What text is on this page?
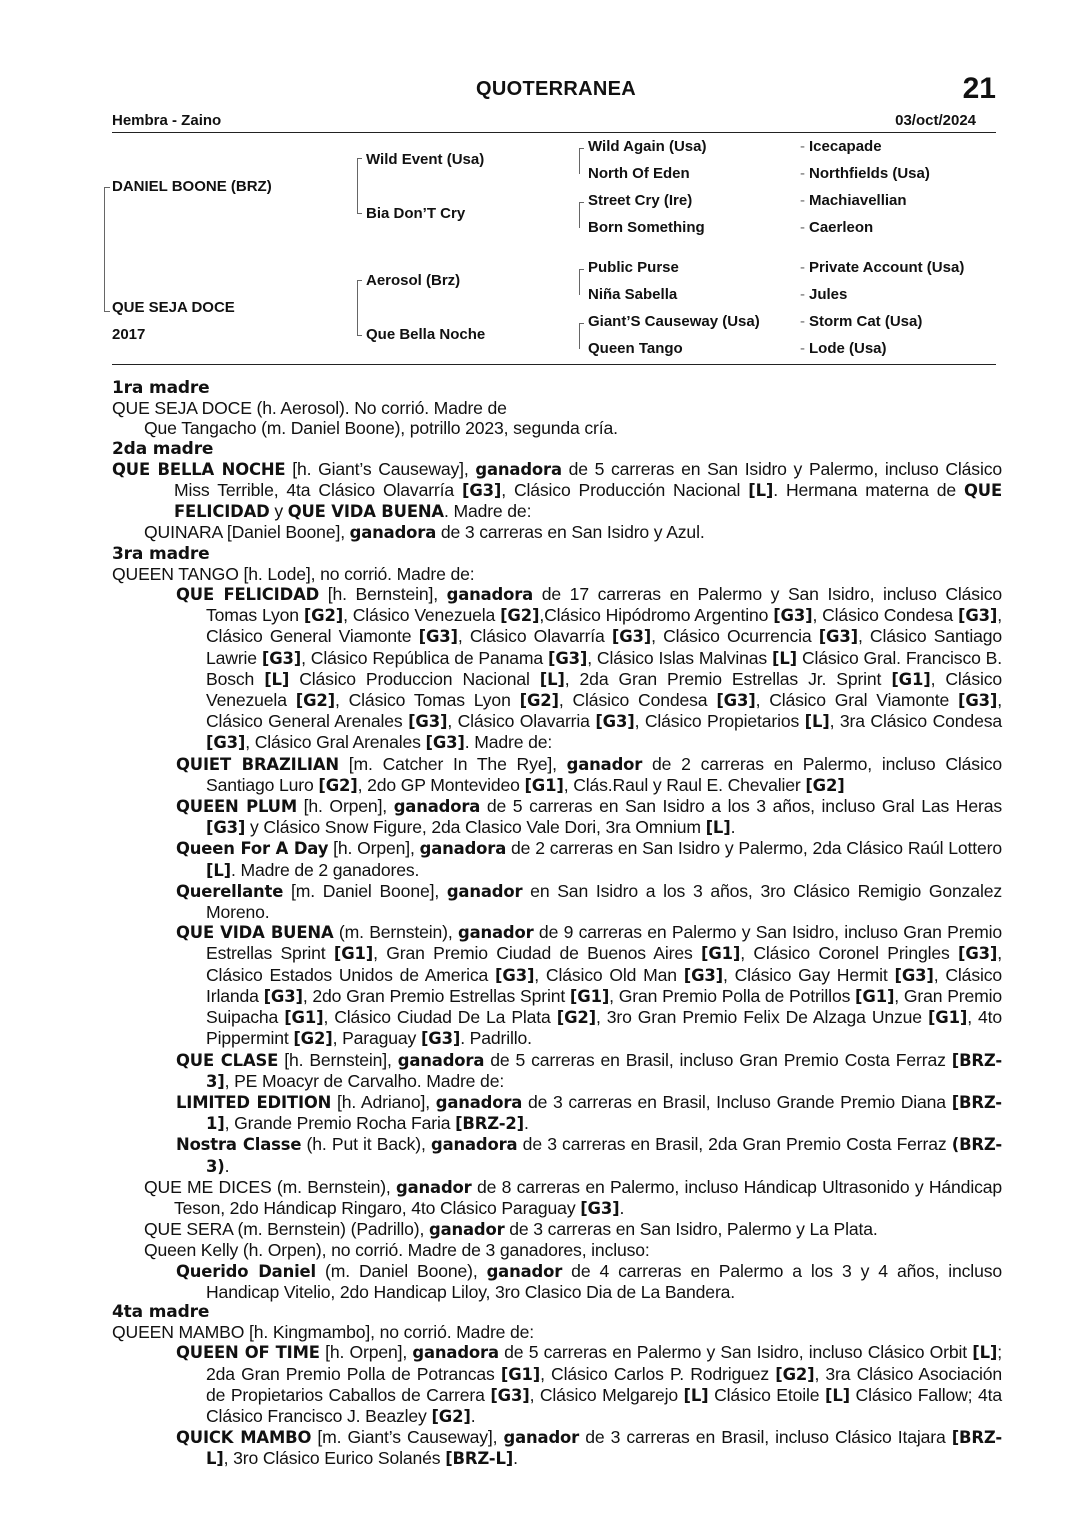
QUOTERRANEA	21
Hembra - Zaino	03/oct/2024
DANIEL BOONE (BRZ)
QUE SEJA DOCE
2017
Wild Event (Usa)
Bia Don’T Cry
Aerosol (Brz)
Que Bella Noche
Wild Again (Usa)
North Of Eden
Street Cry (Ire)
Born Something
Public Purse
Niña Sabella
Giant’S Causeway (Usa)
Queen Tango
- Icecapade
- Northfields (Usa)
- Machiavellian
- Caerleon
- Private Account (Usa)
- Jules
- Storm Cat (Usa)
- Lode (Usa)
1ra madre
QUE SEJA DOCE (h. Aerosol). No corrió. Madre de
Que Tangacho (m. Daniel Boone), potrillo 2023, segunda cría.
2da madre
QUE BELLA NOCHE [h. Giant’s Causeway], ganadora de 5 carreras en San Isidro y Palermo, incluso Clásico Miss Terrible, 4ta Clásico Olavarría [G3], Clásico Producción Nacional [L]. Hermana materna de QUE FELICIDAD y QUE VIDA BUENA. Madre de:
QUINARA [Daniel Boone], ganadora de 3 carreras en San Isidro y Azul.
3ra madre
QUEEN TANGO [h. Lode], no corrió. Madre de:
QUE FELICIDAD [h. Bernstein], ganadora de 17 carreras en Palermo y San Isidro, incluso Clásico Tomas Lyon [G2], Clásico Venezuela [G2],Clásico Hipódromo Argentino [G3], Clásico Condesa [G3], Clásico General Viamonte [G3], Clásico Olavarría [G3], Clásico Ocurrencia [G3], Clásico Santiago Lawrie [G3], Clásico República de Panama [G3], Clásico Islas Malvinas [L] Clásico Gral. Francisco B. Bosch [L] Clásico Produccion Nacional [L], 2da Gran Premio Estrellas Jr. Sprint [G1], Clásico Venezuela [G2], Clásico Tomas Lyon [G2], Clásico Condesa [G3], Clásico Gral Viamonte [G3], Clásico General Arenales [G3], Clásico Olavarria [G3], Clásico Propietarios [L], 3ra Clásico Condesa [G3], Clásico Gral Arenales [G3]. Madre de:
QUIET BRAZILIAN [m. Catcher In The Rye], ganador de 2 carreras en Palermo, incluso Clásico Santiago Luro [G2], 2do GP Montevideo [G1], Clás.Raul y Raul E. Chevalier [G2]
QUEEN PLUM [h. Orpen], ganadora de 5 carreras en San Isidro a los 3 años, incluso Gral Las Heras [G3] y Clásico Snow Figure, 2da Clasico Vale Dori, 3ra Omnium [L].
Queen For A Day [h. Orpen], ganadora de 2 carreras en San Isidro y Palermo, 2da Clásico Raúl Lottero [L]. Madre de 2 ganadores.
Querellante [m. Daniel Boone], ganador en San Isidro a los 3 años, 3ro Clásico Remigio Gonzalez Moreno.
QUE VIDA BUENA (m. Bernstein), ganador de 9 carreras en Palermo y San Isidro, incluso Gran Premio Estrellas Sprint [G1], Gran Premio Ciudad de Buenos Aires [G1], Clásico Coronel Pringles [G3], Clásico Estados Unidos de America [G3], Clásico Old Man [G3], Clásico Gay Hermit [G3], Clásico Irlanda [G3], 2do Gran Premio Estrellas Sprint [G1], Gran Premio Polla de Potrillos [G1], Gran Premio Suipacha [G1], Clásico Ciudad De La Plata [G2], 3ro Gran Premio Felix De Alzaga Unzue [G1], 4to Pippermint [G2], Paraguay [G3]. Padrillo.
QUE CLASE [h. Bernstein], ganadora de 5 carreras en Brasil, incluso Gran Premio Costa Ferraz [BRZ-3], PE Moacyr de Carvalho. Madre de:
LIMITED EDITION [h. Adriano], ganadora de 3 carreras en Brasil, Incluso Grande Premio Diana [BRZ-1], Grande Premio Rocha Faria [BRZ-2].
Nostra Classe (h. Put it Back), ganadora de 3 carreras en Brasil, 2da Gran Premio Costa Ferraz (BRZ-3).
QUE ME DICES (m. Bernstein), ganador de 8 carreras en Palermo, incluso Hándicap Ultrasonido y Hándicap Teson, 2do Hándicap Ringaro, 4to Clásico Paraguay [G3].
QUE SERA (m. Bernstein) (Padrillo), ganador de 3 carreras en San Isidro, Palermo y La Plata.
Queen Kelly (h. Orpen), no corrió. Madre de 3 ganadores, incluso:
Querido Daniel (m. Daniel Boone), ganador de 4 carreras en Palermo a los 3 y 4 años, incluso Handicap Vitelio, 2do Handicap Liloy, 3ro Clasico Dia de La Bandera.
4ta madre
QUEEN MAMBO [h. Kingmambo], no corrió. Madre de:
QUEEN OF TIME [h. Orpen], ganadora de 5 carreras en Palermo y San Isidro, incluso Clásico Orbit [L]; 2da Gran Premio Polla de Potrancas [G1], Clásico Carlos P. Rodriguez [G2], 3ra Clásico Asociación de Propietarios Caballos de Carrera [G3], Clásico Melgarejo [L] Clásico Etoile [L] Clásico Fallow; 4ta Clásico Francisco J. Beazley [G2].
QUICK MAMBO [m. Giant’s Causeway], ganador de 3 carreras en Brasil, incluso Clásico Itajara [BRZ-L], 3ro Clásico Eurico Solanés [BRZ-L].
